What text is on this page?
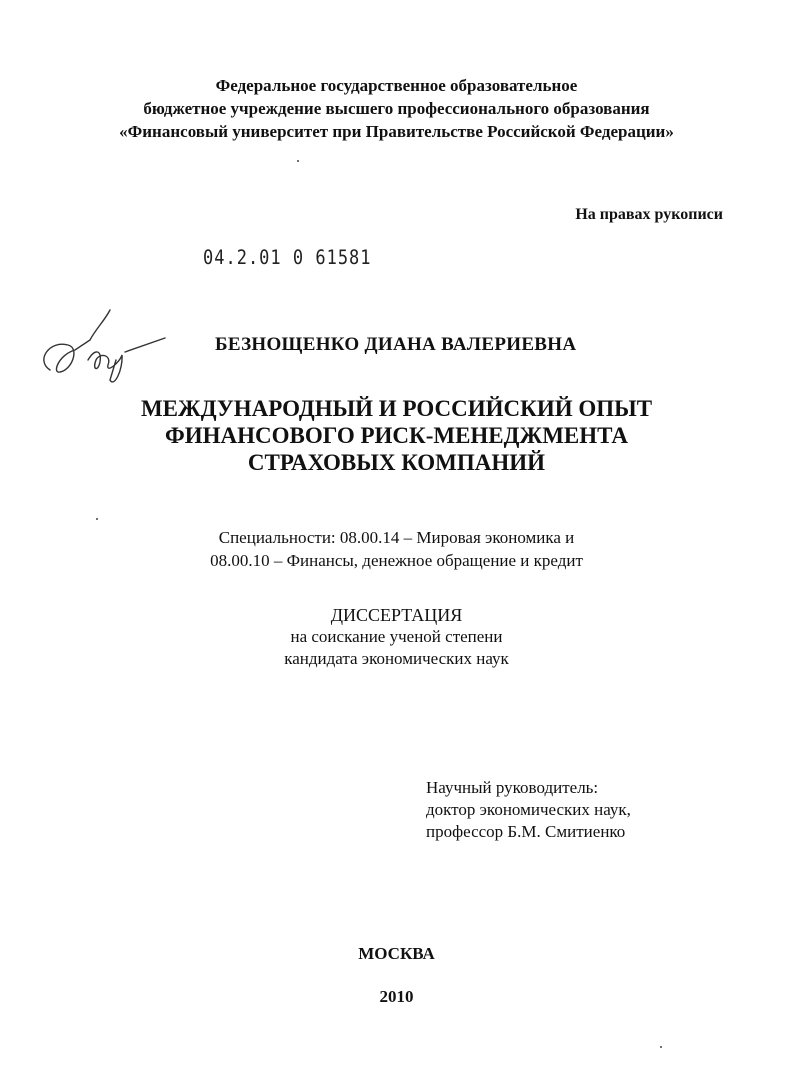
Федеральное государственное образовательное
бюджетное учреждение высшего профессионального образования
«Финансовый университет при Правительстве Российской Федерации»
На правах рукописи
04.2.01 0 61581
БЕЗНОЩЕНКО ДИАНА ВАЛЕРИЕВНА
МЕЖДУНАРОДНЫЙ И РОССИЙСКИЙ ОПЫТ
ФИНАНСОВОГО РИСК-МЕНЕДЖМЕНТА
СТРАХОВЫХ КОМПАНИЙ
Специальности: 08.00.14 – Мировая экономика и
08.00.10 – Финансы, денежное обращение и кредит
ДИССЕРТАЦИЯ
на соискание ученой степени
кандидата экономических наук
Научный руководитель:
доктор экономических наук,
профессор Б.М. Смитиенко
МОСКВА
2010
